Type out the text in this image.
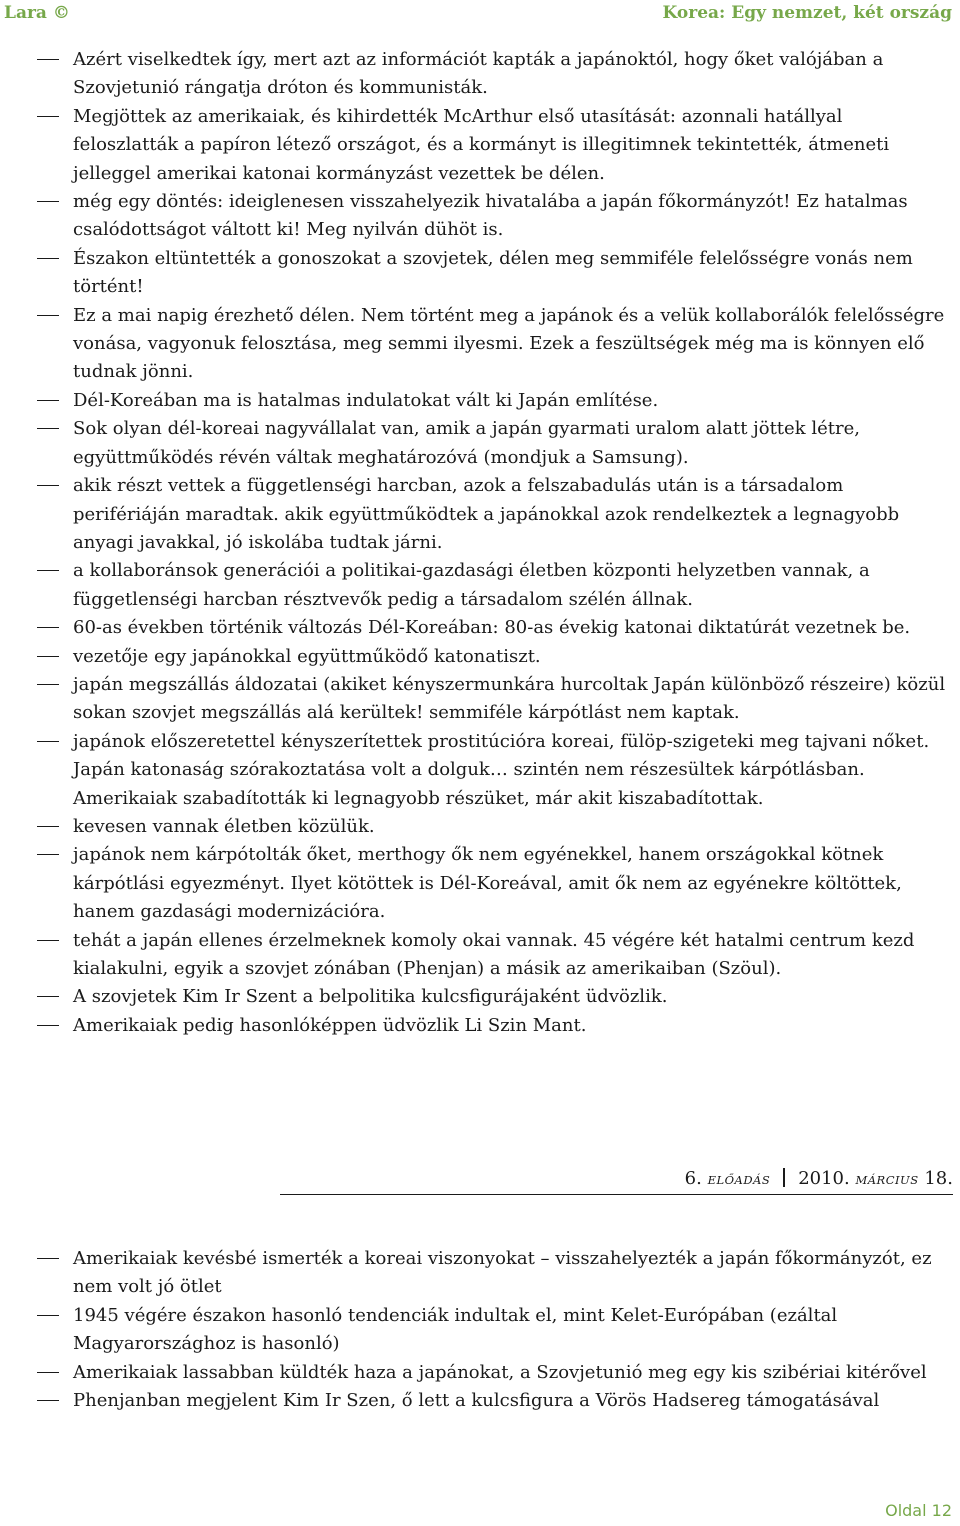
Lara ©	Korea: Egy nemzet, két ország
Azért viselkedtek így, mert azt az információt kapták a japánoktól, hogy őket valójában a Szovjetunió rángatja dróton és kommunisták.
Megjöttek az amerikaiak, és kihirdették McArthur első utasítását: azonnali hatállyal feloszlatták a papíron létező országot, és a kormányt is illegitimnek tekintették, átmeneti jelleggel amerikai katonai kormányzást vezettek be délen.
még egy döntés: ideiglenesen visszahelyezik hivatalába a japán főkormányzót! Ez hatalmas csalódottságot váltott ki! Meg nyilván dühöt is.
Északon eltüntették a gonoszokat a szovjetek, délen meg semmiféle felelősségre vonás nem történt!
Ez a mai napig érezhető délen. Nem történt meg a japánok és a velük kollaborálók felelősségre vonása, vagyonuk felosztása, meg semmi ilyesmi. Ezek a feszültségek még ma is könnyen elő tudnak jönni.
Dél-Koreában ma is hatalmas indulatokat vált ki Japán említése.
Sok olyan dél-koreai nagyvállalat van, amik a japán gyarmati uralom alatt jöttek létre, együttműködés révén váltak meghatározóvá (mondjuk a Samsung).
akik részt vettek a függetlenségi harcban, azok a felszabadulás után is a társadalom perifériáján maradtak. akik együttműködtek a japánokkal azok rendelkeztek a legnagyobb anyagi javakkal, jó iskolába tudtak járni.
a kollaboránsok generációi a politikai-gazdasági életben központi helyzetben vannak, a függetlenségi harcban résztvevők pedig a társadalom szélén állnak.
60-as években történik változás Dél-Koreában: 80-as évekig katonai diktatúrát vezetnek be.
vezetője egy japánokkal együttműködő katonatiszt.
japán megszállás áldozatai (akiket kényszermunkára hurcoltak Japán különböző részeire) közül sokan szovjet megszállás alá kerültek! semmiféle kárpótlást nem kaptak.
japánok előszeretettel kényszerítettek prostitúcióra koreai, fülöp-szigeteki meg tajvani nőket. Japán katonaság szórakoztatása volt a dolguk… szintén nem részesültek kárpótlásban. Amerikaiak szabadították ki legnagyobb részüket, már akit kiszabadítottak.
kevesen vannak életben közülük.
japánok nem kárpótolták őket, merthogy ők nem egyénekkel, hanem országokkal kötnek kárpótlási egyezményt. Ilyet kötöttek is Dél-Koreával, amit ők nem az egyénekre költöttek, hanem gazdasági modernizációra.
tehát a japán ellenes érzelmeknek komoly okai vannak. 45 végére két hatalmi centrum kezd kialakulni, egyik a szovjet zónában (Phenjan) a másik az amerikaiban (Szöul).
A szovjetek Kim Ir Szent a belpolitika kulcsfigurájaként üdvözlik.
Amerikaiak pedig hasonlóképpen üdvözlik Li Szin Mant.
6. ELŐADÁS 2010. MÁRCIUS 18.
Amerikaiak kevésbé ismerték a koreai viszonyokat – visszahelyezték a japán főkormányzót, ez nem volt jó ötlet
1945 végére északon hasonló tendenciák indultak el, mint Kelet-Európában (ezáltal Magyarországhoz is hasonló)
Amerikaiak lassabban küldték haza a japánokat, a Szovjetunió meg egy kis szibériai kitérővel
Phenjanban megjelent Kim Ir Szen, ő lett a kulcsfigura a Vörös Hadsereg támogatásával
Oldal 12
